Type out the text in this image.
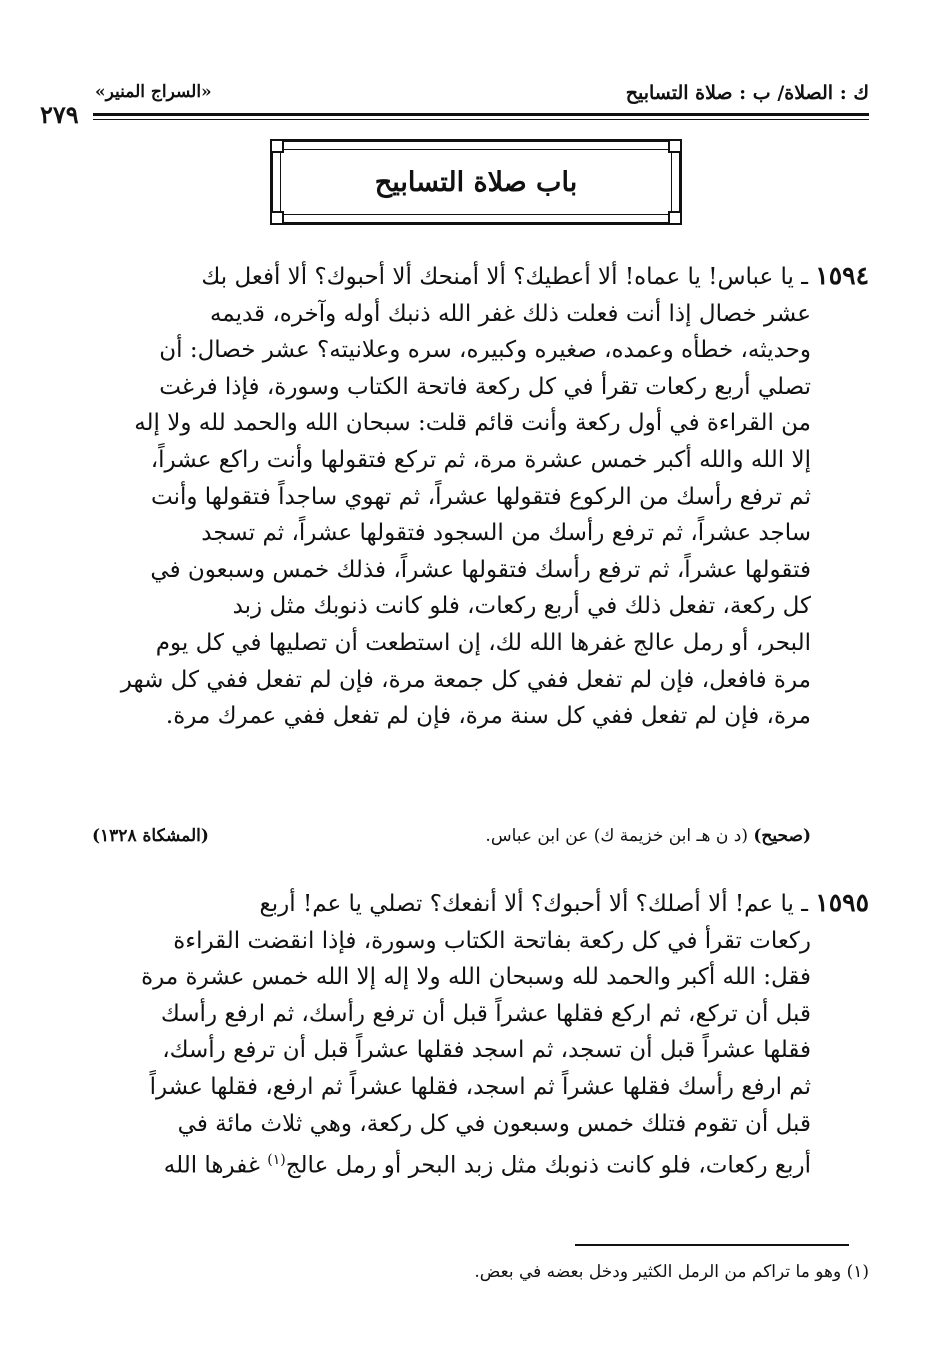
ك : الصلاة/ ب : صلاة التسابيح
«السراج المنير»
٢٧٩
باب صلاة التسابيح
١٥٩٤ ـ يا عباس! يا عماه! ألا أعطيك؟ ألا أمنحك ألا أحبوك؟ ألا أفعل بك
عشر خصال إذا أنت فعلت ذلك غفر الله ذنبك أوله وآخره، قديمه
وحديثه، خطأه وعمده، صغيره وكبيره، سره وعلانيته؟ عشر خصال: أن
تصلي أربع ركعات تقرأ في كل ركعة فاتحة الكتاب وسورة، فإذا فرغت
من القراءة في أول ركعة وأنت قائم قلت: سبحان الله والحمد لله ولا إله
إلا الله والله أكبر خمس عشرة مرة، ثم تركع فتقولها وأنت راكع عشراً،
ثم ترفع رأسك من الركوع فتقولها عشراً، ثم تهوي ساجداً فتقولها وأنت
ساجد عشراً، ثم ترفع رأسك من السجود فتقولها عشراً، ثم تسجد
فتقولها عشراً، ثم ترفع رأسك فتقولها عشراً، فذلك خمس وسبعون في
كل ركعة، تفعل ذلك في أربع ركعات، فلو كانت ذنوبك مثل زبد
البحر، أو رمل عالج غفرها الله لك، إن استطعت أن تصليها في كل يوم
مرة فافعل، فإن لم تفعل ففي كل جمعة مرة، فإن لم تفعل ففي كل شهر
مرة، فإن لم تفعل ففي كل سنة مرة، فإن لم تفعل ففي عمرك مرة.
(صحيح) (د ن هـ ابن خزيمة ك) عن ابن عباس.
(المشكاة ١٣٢٨)
١٥٩٥ ـ يا عم! ألا أصلك؟ ألا أحبوك؟ ألا أنفعك؟ تصلي يا عم! أربع
ركعات تقرأ في كل ركعة بفاتحة الكتاب وسورة، فإذا انقضت القراءة
فقل: الله أكبر والحمد لله وسبحان الله ولا إله إلا الله خمس عشرة مرة
قبل أن تركع، ثم اركع فقلها عشراً قبل أن ترفع رأسك، ثم ارفع رأسك
فقلها عشراً قبل أن تسجد، ثم اسجد فقلها عشراً قبل أن ترفع رأسك،
ثم ارفع رأسك فقلها عشراً ثم اسجد، فقلها عشراً ثم ارفع، فقلها عشراً
قبل أن تقوم فتلك خمس وسبعون في كل ركعة، وهي ثلاث مائة في
أربع ركعات، فلو كانت ذنوبك مثل زبد البحر أو رمل عالج$^{(١)}$ غفرها الله
(١) وهو ما تراكم من الرمل الكثير ودخل بعضه في بعض.
